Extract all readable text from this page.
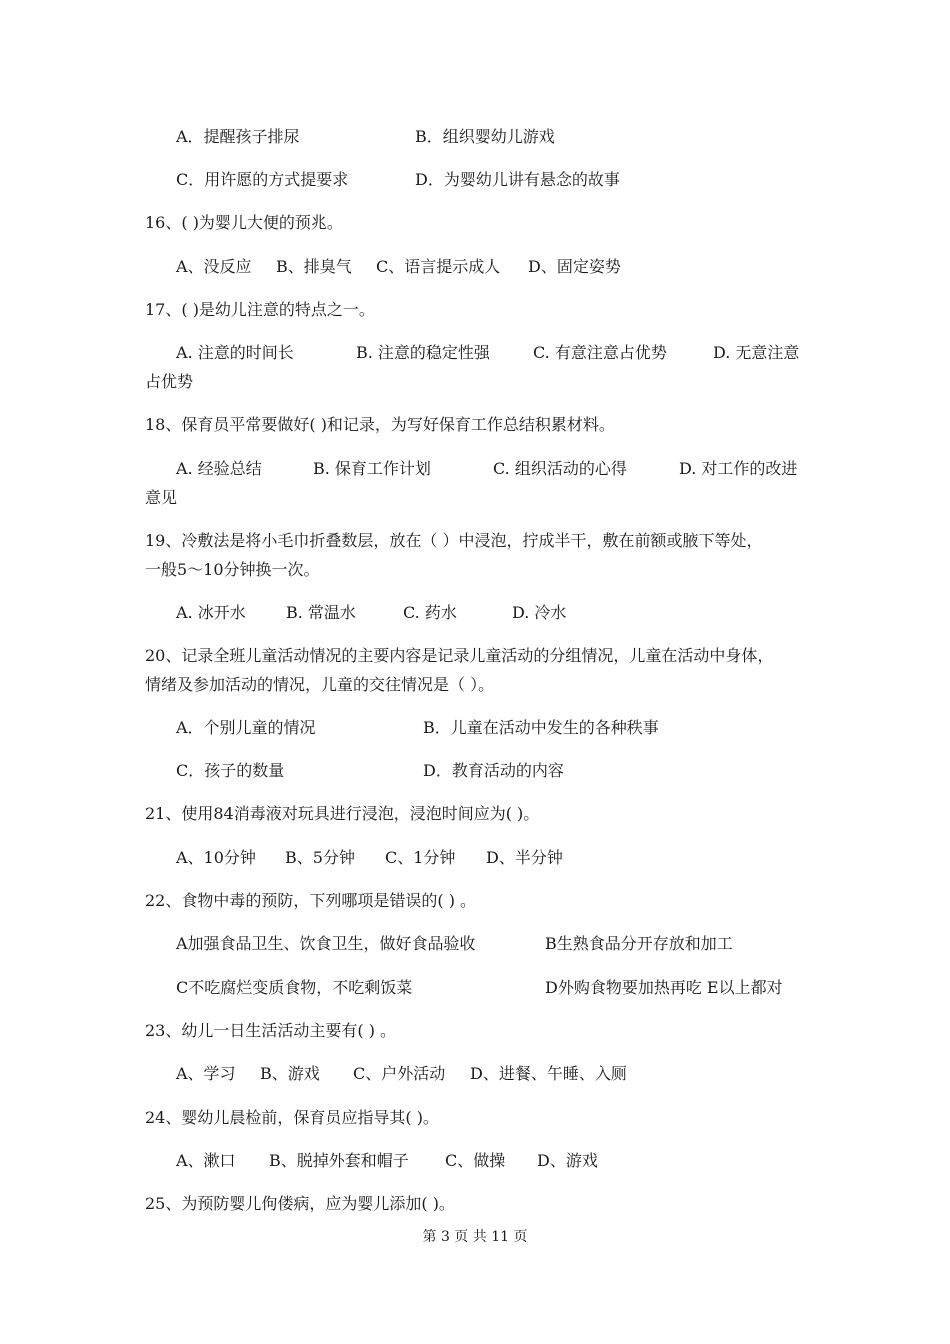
A．提醒孩子排尿	B．组织婴幼儿游戏
C．用许愿的方式提要求	D．为婴幼儿讲有悬念的故事
16、( )为婴儿大便的预兆。
A、没反应 B、排臭气 C、语言提示成人 D、固定姿势
17、( )是幼儿注意的特点之一。
A. 注意的时间长	B. 注意的稳定性强	C. 有意注意占优势	D. 无意注意
占优势
18、保育员平常要做好( )和记录，为写好保育工作总结积累材料。
A. 经验总结	B. 保育工作计划	C. 组织活动的心得	D. 对工作的改进
意见
19、冷敷法是将小毛巾折叠数层，放在（ ）中浸泡，拧成半干，敷在前额或腋下等处，
一般5～10分钟换一次。
A. 冰开水	B. 常温水	C. 药水	D. 冷水
20、记录全班儿童活动情况的主要内容是记录儿童活动的分组情况，儿童在活动中身体，
情绪及参加活动的情况，儿童的交往情况是（ ）。
A．个别儿童的情况	B．儿童在活动中发生的各种秩事
C．孩子的数量	D．教育活动的内容
21、使用84消毒液对玩具进行浸泡，浸泡时间应为( )。
A、10分钟 B、5分钟 C、1分钟 D、半分钟
22、食物中毒的预防，下列哪项是错误的( ) 。
A加强食品卫生、饮食卫生，做好食品验收	B生熟食品分开存放和加工
C不吃腐烂变质食物，不吃剩饭菜	D外购食物要加热再吃 E以上都对
23、幼儿一日生活活动主要有( ) 。
A、学习 B、游戏 C、户外活动 D、进餐、午睡、入厕
24、婴幼儿晨检前，保育员应指导其( )。
A、漱口 B、脱掉外套和帽子 C、做操 D、游戏
25、为预防婴儿佝偻病，应为婴儿添加( )。
第 3 页 共 11 页
